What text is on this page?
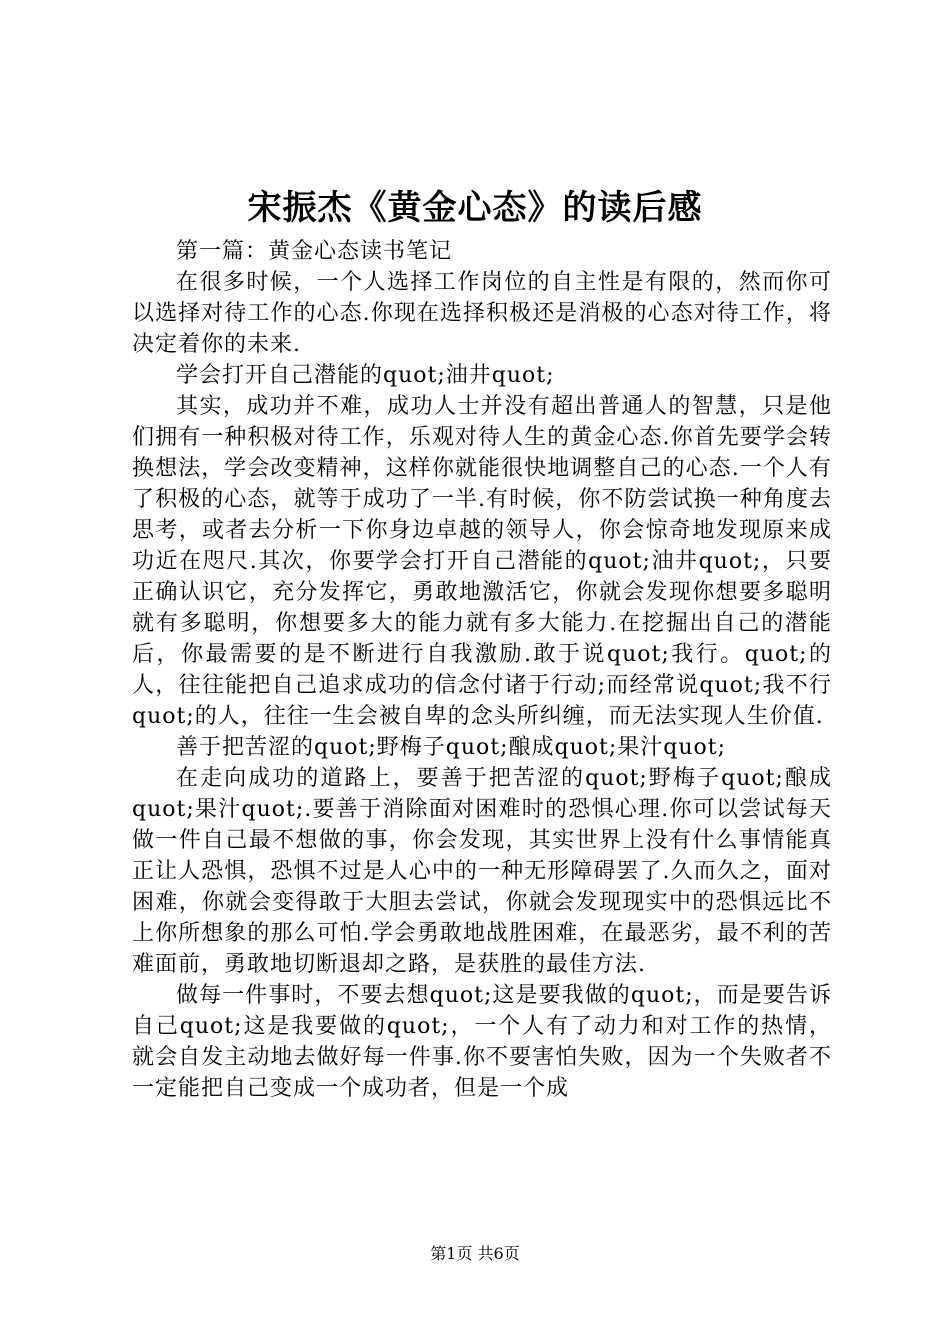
宋振杰《黄金心态》的读后感

第一篇：黄金心态读书笔记

在很多时候，一个人选择工作岗位的自主性是有限的，然而你可以选择对待工作的心态.你现在选择积极还是消极的心态对待工作，将决定着你的未来.

学会打开自己潜能的quot;油井quot;

其实，成功并不难，成功人士并没有超出普通人的智慧，只是他们拥有一种积极对待工作，乐观对待人生的黄金心态.你首先要学会转换想法，学会改变精神，这样你就能很快地调整自己的心态.一个人有了积极的心态，就等于成功了一半.有时候，你不防尝试换一种角度去思考，或者去分析一下你身边卓越的领导人，你会惊奇地发现原来成功近在咫尺.其次，你要学会打开自己潜能的quot;油井quot;，只要正确认识它，充分发挥它，勇敢地激活它，你就会发现你想要多聪明就有多聪明，你想要多大的能力就有多大能力.在挖掘出自己的潜能后，你最需要的是不断进行自我激励.敢于说quot;我行。quot;的人，往往能把自己追求成功的信念付诸于行动;而经常说quot;我不行quot;的人，往往一生会被自卑的念头所纠缠，而无法实现人生价值.

善于把苦涩的quot;野梅子quot;酿成quot;果汁quot;

在走向成功的道路上，要善于把苦涩的quot;野梅子quot;酿成quot;果汁quot;.要善于消除面对困难时的恐惧心理.你可以尝试每天做一件自己最不想做的事，你会发现，其实世界上没有什么事情能真正让人恐惧，恐惧不过是人心中的一种无形障碍罢了.久而久之，面对困难，你就会变得敢于大胆去尝试，你就会发现现实中的恐惧远比不上你所想象的那么可怕.学会勇敢地战胜困难，在最恶劣，最不利的苦难面前，勇敢地切断退却之路，是获胜的最佳方法.

做每一件事时，不要去想quot;这是要我做的quot;，而是要告诉自己quot;这是我要做的quot;，一个人有了动力和对工作的热情，就会自发主动地去做好每一件事.你不要害怕失败，因为一个失败者不一定能把自己变成一个成功者，但是一个成

第1页 共6页
